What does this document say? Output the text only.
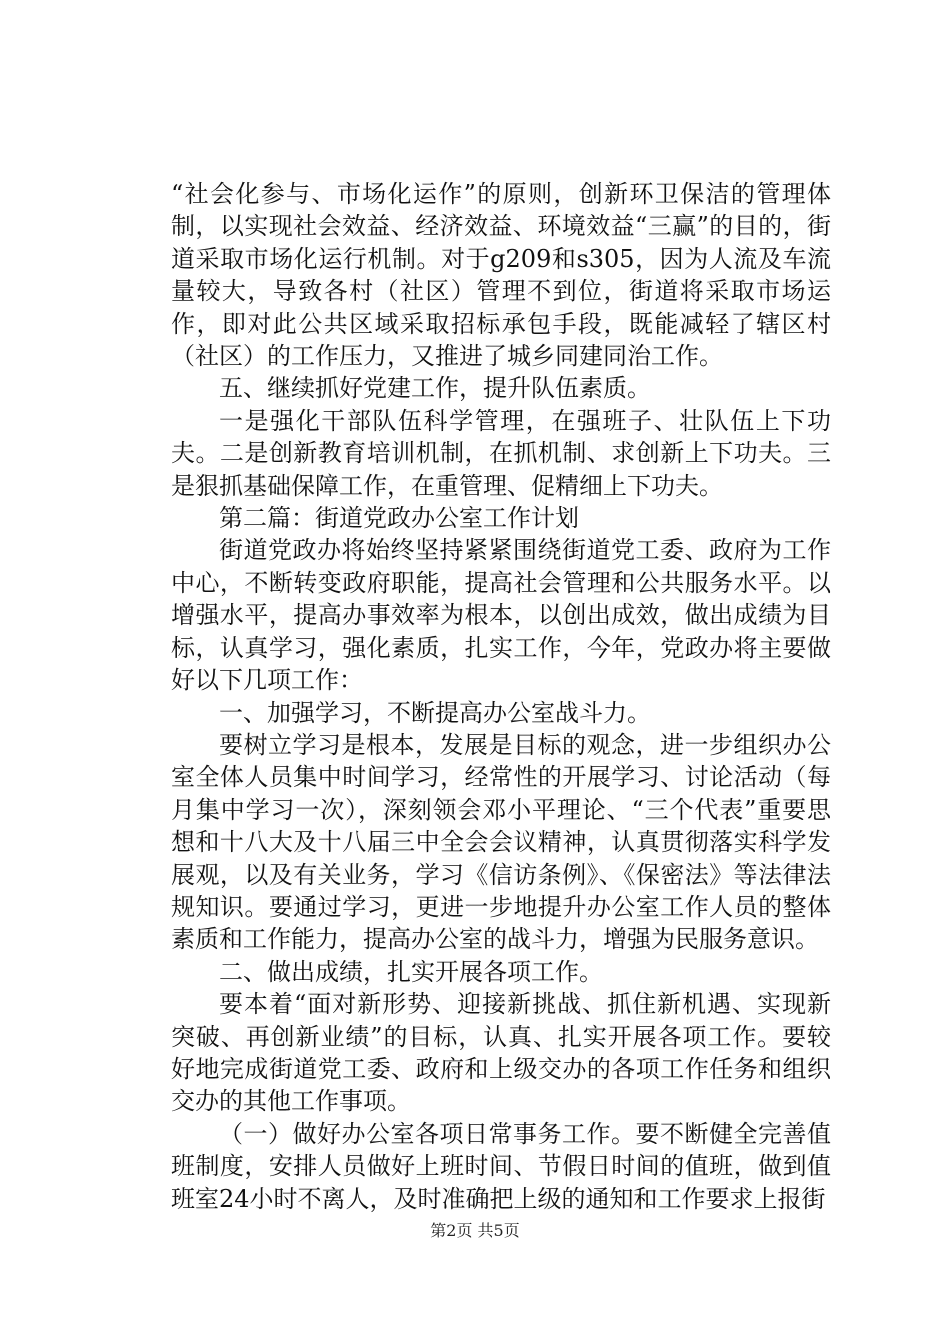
“社会化参与、市场化运作”的原则，创新环卫保洁的管理体制，以实现社会效益、经济效益、环境效益“三赢”的目的，街道采取市场化运行机制。对于g209和s305，因为人流及车流量较大，导致各村（社区）管理不到位，街道将采取市场运作，即对此公共区域采取招标承包手段，既能减轻了辖区村（社区）的工作压力，又推进了城乡同建同治工作。

五、继续抓好党建工作，提升队伍素质。

一是强化干部队伍科学管理，在强班子、壮队伍上下功夫。二是创新教育培训机制，在抓机制、求创新上下功夫。三是狠抓基础保障工作，在重管理、促精细上下功夫。

第二篇：街道党政办公室工作计划

街道党政办将始终坚持紧紧围绕街道党工委、政府为工作中心，不断转变政府职能，提高社会管理和公共服务水平。以增强水平，提高办事效率为根本，以创出成效，做出成绩为目标，认真学习，强化素质，扎实工作，今年，党政办将主要做好以下几项工作：

一、加强学习，不断提高办公室战斗力。

要树立学习是根本，发展是目标的观念，进一步组织办公室全体人员集中时间学习，经常性的开展学习、讨论活动（每月集中学习一次），深刻领会邓小平理论、“三个代表”重要思想和十八大及十八届三中全会会议精神，认真贯彻落实科学发展观，以及有关业务，学习《信访条例》、《保密法》等法律法规知识。要通过学习，更进一步地提升办公室工作人员的整体素质和工作能力，提高办公室的战斗力，增强为民服务意识。

二、做出成绩，扎实开展各项工作。

要本着“面对新形势、迎接新挑战、抓住新机遇、实现新突破、再创新业绩”的目标，认真、扎实开展各项工作。要较好地完成街道党工委、政府和上级交办的各项工作任务和组织交办的其他工作事项。

（一）做好办公室各项日常事务工作。要不断健全完善值班制度，安排人员做好上班时间、节假日时间的值班，做到值班室24小时不离人，及时准确把上级的通知和工作要求上报街

第2页 共5页
